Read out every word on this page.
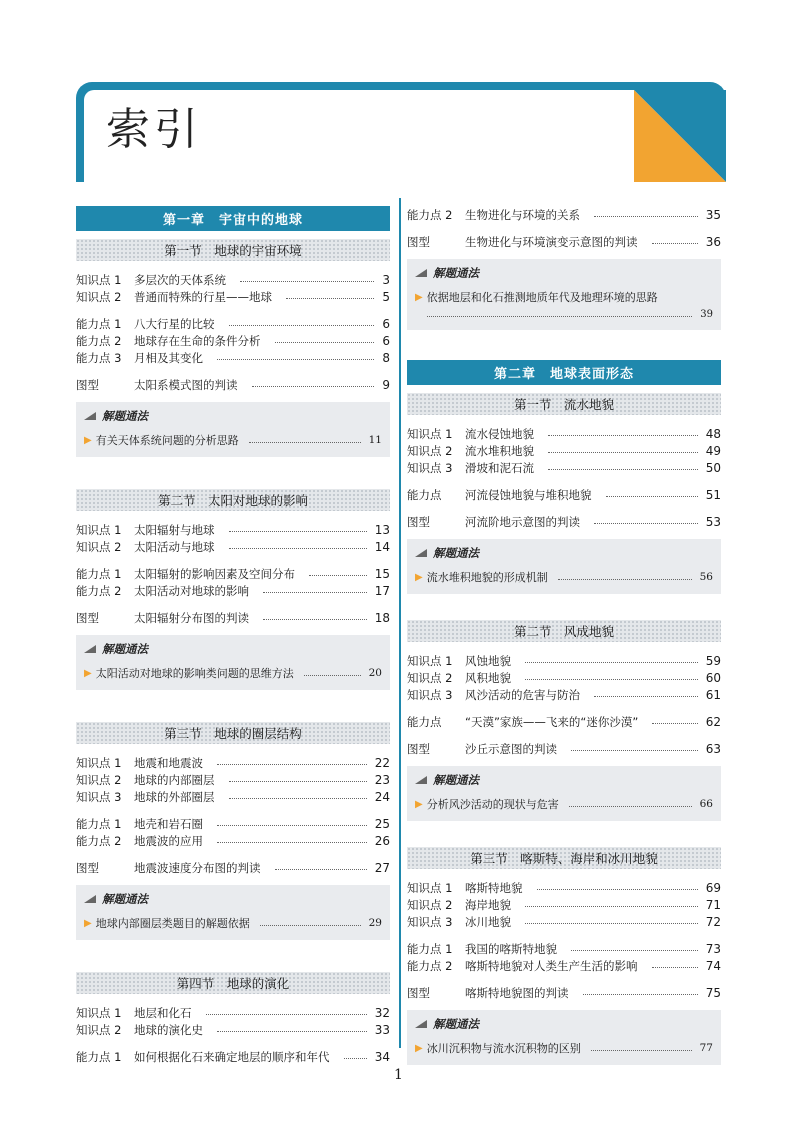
索引
第一章　宇宙中的地球
第一节　地球的宇宙环境
知识点 1	多层次的天体系统	3
知识点 2	普通而特殊的行星——地球	5
能力点 1	八大行星的比较	6
能力点 2	地球存在生命的条件分析	6
能力点 3	月相及其变化	8
图型	太阳系模式图的判读	9
解题通法
▶ 有关天体系统问题的分析思路	11
第二节　太阳对地球的影响
知识点 1	太阳辐射与地球	13
知识点 2	太阳活动与地球	14
能力点 1	太阳辐射的影响因素及空间分布	15
能力点 2	太阳活动对地球的影响	17
图型	太阳辐射分布图的判读	18
解题通法
▶ 太阳活动对地球的影响类问题的思维方法	20
第三节　地球的圈层结构
知识点 1	地震和地震波	22
知识点 2	地球的内部圈层	23
知识点 3	地球的外部圈层	24
能力点 1	地壳和岩石圈	25
能力点 2	地震波的应用	26
图型	地震波速度分布图的判读	27
解题通法
▶ 地球内部圈层类题目的解题依据	29
第四节　地球的演化
知识点 1	地层和化石	32
知识点 2	地球的演化史	33
能力点 1	如何根据化石来确定地层的顺序和年代	34
能力点 2	生物进化与环境的关系	35
图型	生物进化与环境演变示意图的判读	36
解题通法
▶ 依据地层和化石推测地质年代及地理环境的思路
39
第二章　地球表面形态
第一节　流水地貌
知识点 1	流水侵蚀地貌	48
知识点 2	流水堆积地貌	49
知识点 3	滑坡和泥石流	50
能力点	河流侵蚀地貌与堆积地貌	51
图型	河流阶地示意图的判读	53
解题通法
▶ 流水堆积地貌的形成机制	56
第二节　风成地貌
知识点 1	风蚀地貌	59
知识点 2	风积地貌	60
知识点 3	风沙活动的危害与防治	61
能力点	“天漠”家族——飞来的“迷你沙漠”	62
图型	沙丘示意图的判读	63
解题通法
▶ 分析风沙活动的现状与危害	66
第三节　喀斯特、海岸和冰川地貌
知识点 1	喀斯特地貌	69
知识点 2	海岸地貌	71
知识点 3	冰川地貌	72
能力点 1	我国的喀斯特地貌	73
能力点 2	喀斯特地貌对人类生产生活的影响	74
图型	喀斯特地貌图的判读	75
解题通法
▶ 冰川沉积物与流水沉积物的区别	77
1
